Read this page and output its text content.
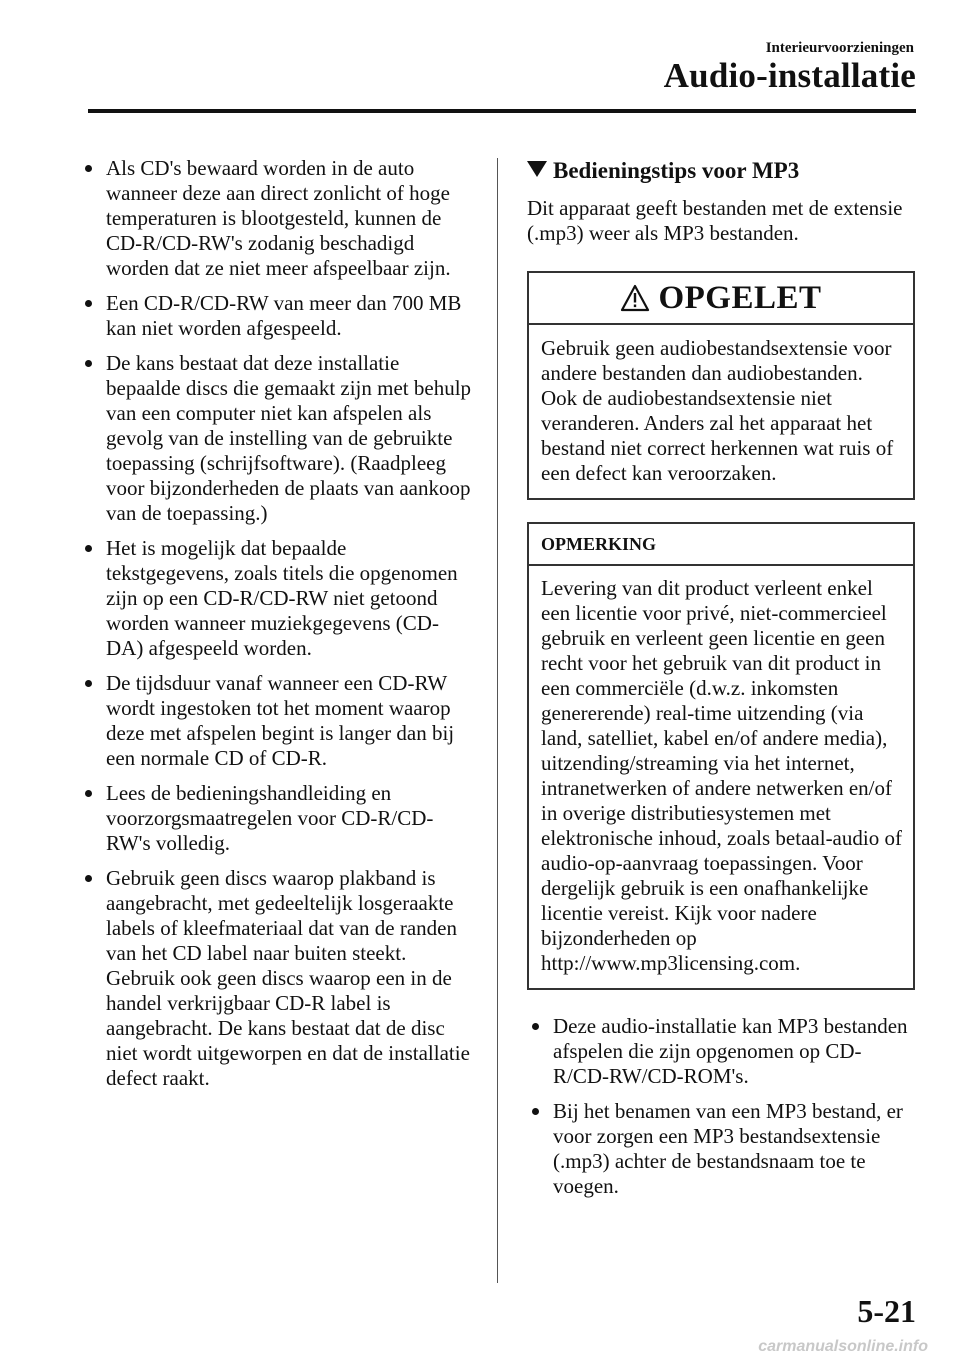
Interieurvoorzieningen
Audio-installatie
Als CD's bewaard worden in de auto wanneer deze aan direct zonlicht of hoge temperaturen is blootgesteld, kunnen de CD-R/CD-RW's zodanig beschadigd worden dat ze niet meer afspeelbaar zijn.
Een CD-R/CD-RW van meer dan 700 MB kan niet worden afgespeeld.
De kans bestaat dat deze installatie bepaalde discs die gemaakt zijn met behulp van een computer niet kan afspelen als gevolg van de instelling van de gebruikte toepassing (schrijfsoftware). (Raadpleeg voor bijzonderheden de plaats van aankoop van de toepassing.)
Het is mogelijk dat bepaalde tekstgegevens, zoals titels die opgenomen zijn op een CD-R/CD-RW niet getoond worden wanneer muziekgegevens (CD-DA) afgespeeld worden.
De tijdsduur vanaf wanneer een CD-RW wordt ingestoken tot het moment waarop deze met afspelen begint is langer dan bij een normale CD of CD-R.
Lees de bedieningshandleiding en voorzorgsmaatregelen voor CD-R/CD-RW's volledig.
Gebruik geen discs waarop plakband is aangebracht, met gedeeltelijk losgeraakte labels of kleefmateriaal dat van de randen van het CD label naar buiten steekt. Gebruik ook geen discs waarop een in de handel verkrijgbaar CD-R label is aangebracht. De kans bestaat dat de disc niet wordt uitgeworpen en dat de installatie defect raakt.
Bedieningstips voor MP3

Dit apparaat geeft bestanden met de extensie (.mp3) weer als MP3 bestanden.

OPGELET
Gebruik geen audiobestandsextensie voor andere bestanden dan audiobestanden. Ook de audiobestandsextensie niet veranderen. Anders zal het apparaat het bestand niet correct herkennen wat ruis of een defect kan veroorzaken.
OPMERKING
Levering van dit product verleent enkel een licentie voor privé, niet-commercieel gebruik en verleent geen licentie en geen recht voor het gebruik van dit product in een commerciële (d.w.z. inkomsten genererende) real-time uitzending (via land, satelliet, kabel en/of andere media), uitzending/streaming via het internet, intranetwerken of andere netwerken en/of in overige distributiesystemen met elektronische inhoud, zoals betaal-audio of audio-op-aanvraag toepassingen. Voor dergelijk gebruik is een onafhankelijke licentie vereist. Kijk voor nadere bijzonderheden op http://www.mp3licensing.com.
Deze audio-installatie kan MP3 bestanden afspelen die zijn opgenomen op CD-R/CD-RW/CD-ROM's.
Bij het benamen van een MP3 bestand, er voor zorgen een MP3 bestandsextensie (.mp3) achter de bestandsnaam toe te voegen.
5-21
carmanualsonline.info
